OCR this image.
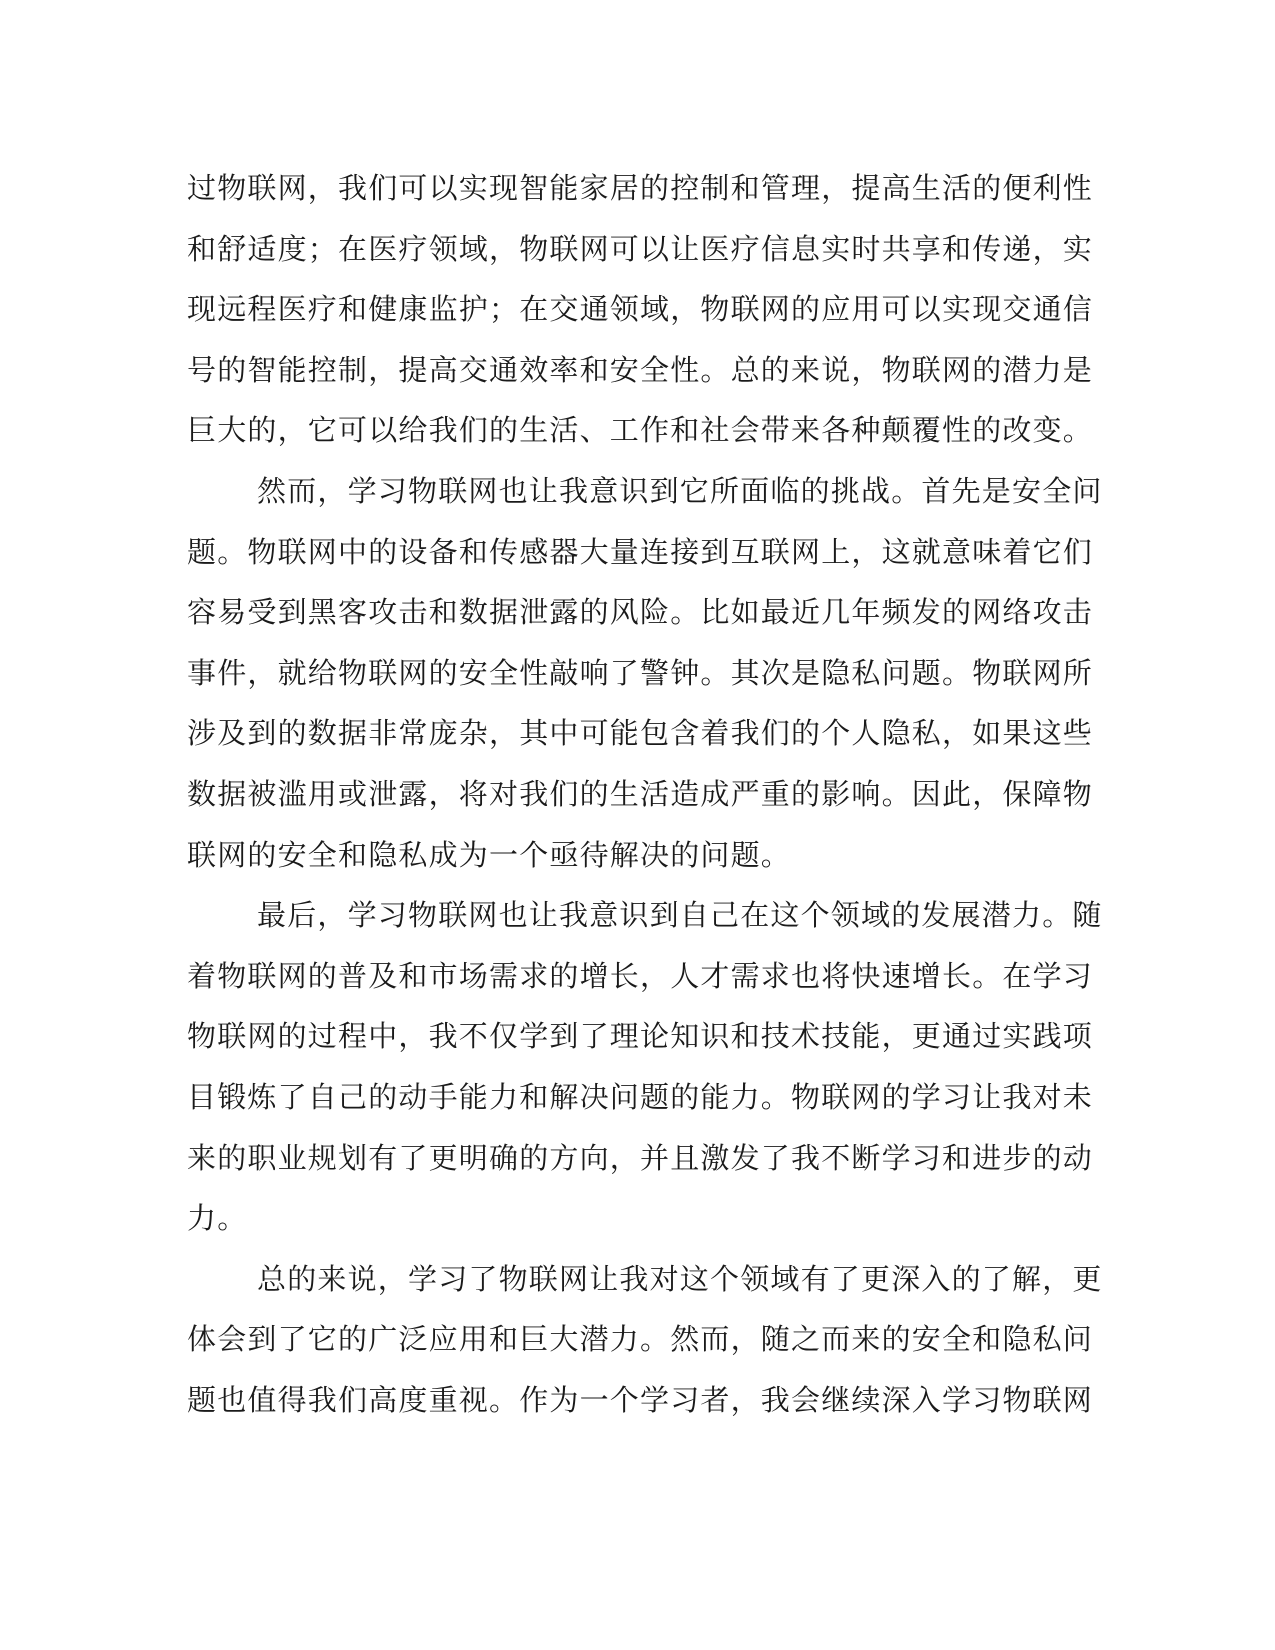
过物联网，我们可以实现智能家居的控制和管理，提高生活的便利性
和舒适度；在医疗领域，物联网可以让医疗信息实时共享和传递，实
现远程医疗和健康监护；在交通领域，物联网的应用可以实现交通信
号的智能控制，提高交通效率和安全性。总的来说，物联网的潜力是
巨大的，它可以给我们的生活、工作和社会带来各种颠覆性的改变。
然而，学习物联网也让我意识到它所面临的挑战。首先是安全问
题。物联网中的设备和传感器大量连接到互联网上，这就意味着它们
容易受到黑客攻击和数据泄露的风险。比如最近几年频发的网络攻击
事件，就给物联网的安全性敲响了警钟。其次是隐私问题。物联网所
涉及到的数据非常庞杂，其中可能包含着我们的个人隐私，如果这些
数据被滥用或泄露，将对我们的生活造成严重的影响。因此，保障物
联网的安全和隐私成为一个亟待解决的问题。
最后，学习物联网也让我意识到自己在这个领域的发展潜力。随
着物联网的普及和市场需求的增长，人才需求也将快速增长。在学习
物联网的过程中，我不仅学到了理论知识和技术技能，更通过实践项
目锻炼了自己的动手能力和解决问题的能力。物联网的学习让我对未
来的职业规划有了更明确的方向，并且激发了我不断学习和进步的动
力。
总的来说，学习了物联网让我对这个领域有了更深入的了解，更
体会到了它的广泛应用和巨大潜力。然而，随之而来的安全和隐私问
题也值得我们高度重视。作为一个学习者，我会继续深入学习物联网
